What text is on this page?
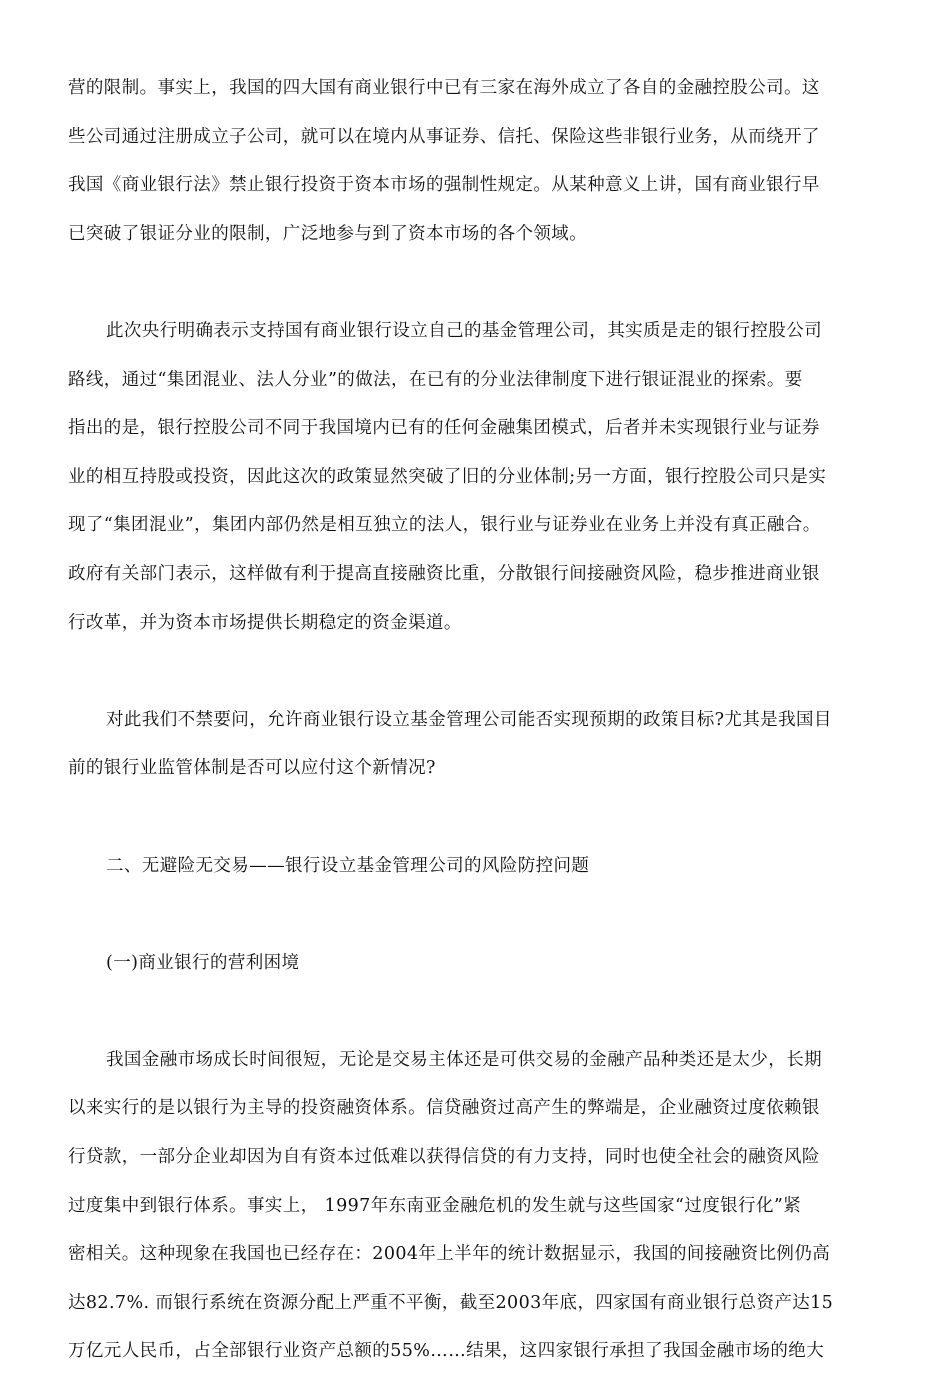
营的限制。事实上，我国的四大国有商业银行中已有三家在海外成立了各自的金融控股公司。这
些公司通过注册成立子公司，就可以在境内从事证券、信托、保险这些非银行业务，从而绕开了
我国《商业银行法》禁止银行投资于资本市场的强制性规定。从某种意义上讲，国有商业银行早
已突破了银证分业的限制，广泛地参与到了资本市场的各个领域。
此次央行明确表示支持国有商业银行设立自己的基金管理公司，其实质是走的银行控股公司
路线，通过“集团混业、法人分业”的做法，在已有的分业法律制度下进行银证混业的探索。要
指出的是，银行控股公司不同于我国境内已有的任何金融集团模式，后者并未实现银行业与证券
业的相互持股或投资，因此这次的政策显然突破了旧的分业体制;另一方面，银行控股公司只是实
现了“集团混业”，集团内部仍然是相互独立的法人，银行业与证券业在业务上并没有真正融合。
政府有关部门表示，这样做有利于提高直接融资比重，分散银行间接融资风险，稳步推进商业银
行改革，并为资本市场提供长期稳定的资金渠道。
对此我们不禁要问，允许商业银行设立基金管理公司能否实现预期的政策目标?尤其是我国目
前的银行业监管体制是否可以应付这个新情况?
二、无避险无交易——银行设立基金管理公司的风险防控问题
(一)商业银行的营利困境
我国金融市场成长时间很短，无论是交易主体还是可供交易的金融产品种类还是太少，长期
以来实行的是以银行为主导的投资融资体系。信贷融资过高产生的弊端是，企业融资过度依赖银
行贷款，一部分企业却因为自有资本过低难以获得信贷的有力支持，同时也使全社会的融资风险
过度集中到银行体系。事实上， 1997年东南亚金融危机的发生就与这些国家“过度银行化”紧
密相关。这种现象在我国也已经存在：2004年上半年的统计数据显示，我国的间接融资比例仍高
达82.7%. 而银行系统在资源分配上严重不平衡，截至2003年底，四家国有商业银行总资产达15
万亿元人民币，占全部银行业资产总额的55%……结果，这四家银行承担了我国金融市场的绝大
